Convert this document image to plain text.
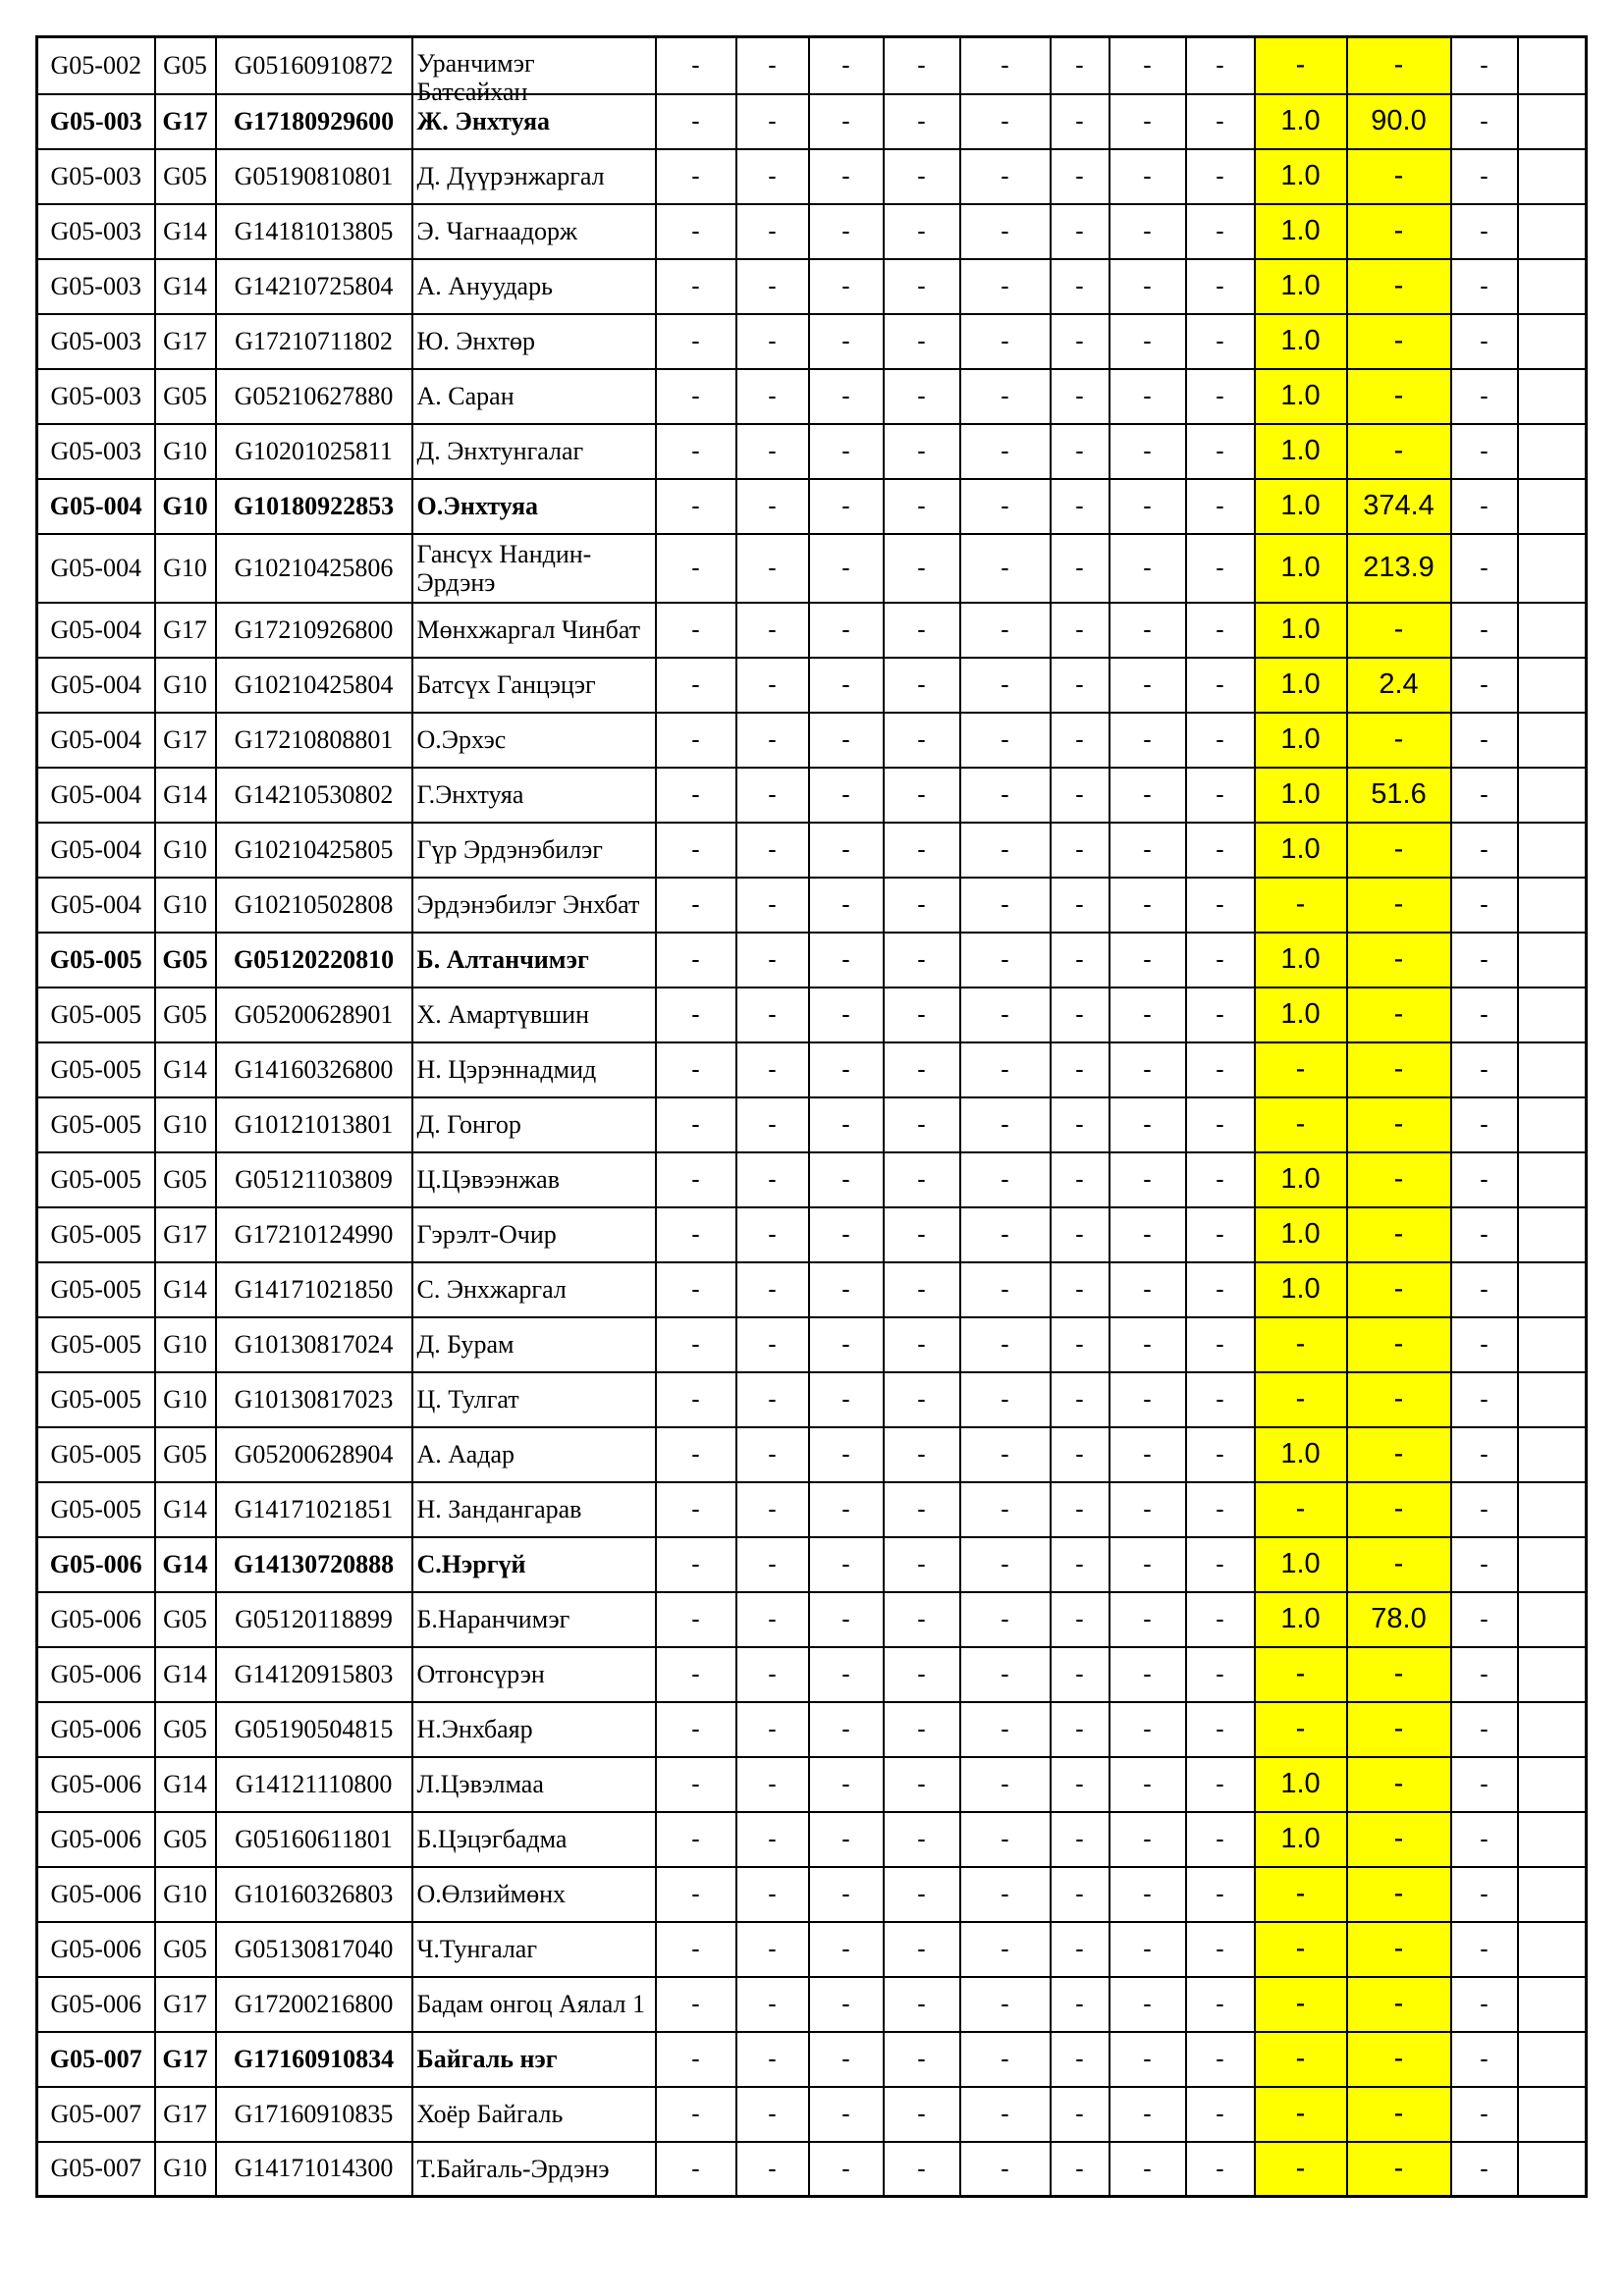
G05-002	G05	G05160910872	Уранчимэг Батсайхан	-	-	-	-	-	-	-	-	-	-	-	
G05-003	G17	G17180929600	Ж. Энхтуяа	-	-	-	-	-	-	-	-	1.0	90.0	-	
G05-003	G05	G05190810801	Д. Дүүрэнжаргал	-	-	-	-	-	-	-	-	1.0	-	-	
G05-003	G14	G14181013805	Э. Чагнаадорж	-	-	-	-	-	-	-	-	1.0	-	-	
G05-003	G14	G14210725804	А. Ануударь	-	-	-	-	-	-	-	-	1.0	-	-	
G05-003	G17	G17210711802	Ю. Энхтөр	-	-	-	-	-	-	-	-	1.0	-	-	
G05-003	G05	G05210627880	А. Саран	-	-	-	-	-	-	-	-	1.0	-	-	
G05-003	G10	G10201025811	Д. Энхтунгалаг	-	-	-	-	-	-	-	-	1.0	-	-	
G05-004	G10	G10180922853	О.Энхтуяа	-	-	-	-	-	-	-	-	1.0	374.4	-	
G05-004	G10	G10210425806	Гансүх Нандин-Эрдэнэ	-	-	-	-	-	-	-	-	1.0	213.9	-	
G05-004	G17	G17210926800	Мөнхжаргал Чинбат	-	-	-	-	-	-	-	-	1.0	-	-	
G05-004	G10	G10210425804	Батсүх Ганцэцэг	-	-	-	-	-	-	-	-	1.0	2.4	-	
G05-004	G17	G17210808801	О.Эрхэс	-	-	-	-	-	-	-	-	1.0	-	-	
G05-004	G14	G14210530802	Г.Энхтуяа	-	-	-	-	-	-	-	-	1.0	51.6	-	
G05-004	G10	G10210425805	Гүр Эрдэнэбилэг	-	-	-	-	-	-	-	-	1.0	-	-	
G05-004	G10	G10210502808	Эрдэнэбилэг Энхбат	-	-	-	-	-	-	-	-	-	-	-	
G05-005	G05	G05120220810	Б. Алтанчимэг	-	-	-	-	-	-	-	-	1.0	-	-	
G05-005	G05	G05200628901	Х. Амартүвшин	-	-	-	-	-	-	-	-	1.0	-	-	
G05-005	G14	G14160326800	Н. Цэрэннадмид	-	-	-	-	-	-	-	-	-	-	-	
G05-005	G10	G10121013801	Д. Гонгор	-	-	-	-	-	-	-	-	-	-	-	
G05-005	G05	G05121103809	Ц.Цэвээнжав	-	-	-	-	-	-	-	-	1.0	-	-	
G05-005	G17	G17210124990	Гэрэлт-Очир	-	-	-	-	-	-	-	-	1.0	-	-	
G05-005	G14	G14171021850	С. Энхжаргал	-	-	-	-	-	-	-	-	1.0	-	-	
G05-005	G10	G10130817024	Д. Бурам	-	-	-	-	-	-	-	-	-	-	-	
G05-005	G10	G10130817023	Ц. Тулгат	-	-	-	-	-	-	-	-	-	-	-	
G05-005	G05	G05200628904	А. Аадар	-	-	-	-	-	-	-	-	1.0	-	-	
G05-005	G14	G14171021851	Н. Зандангарав	-	-	-	-	-	-	-	-	-	-	-	
G05-006	G14	G14130720888	С.Нэргүй	-	-	-	-	-	-	-	-	1.0	-	-	
G05-006	G05	G05120118899	Б.Наранчимэг	-	-	-	-	-	-	-	-	1.0	78.0	-	
G05-006	G14	G14120915803	Отгонсүрэн	-	-	-	-	-	-	-	-	-	-	-	
G05-006	G05	G05190504815	Н.Энхбаяр	-	-	-	-	-	-	-	-	-	-	-	
G05-006	G14	G14121110800	Л.Цэвэлмаа	-	-	-	-	-	-	-	-	1.0	-	-	
G05-006	G05	G05160611801	Б.Цэцэгбадма	-	-	-	-	-	-	-	-	1.0	-	-	
G05-006	G10	G10160326803	О.Өлзиймөнх	-	-	-	-	-	-	-	-	-	-	-	
G05-006	G05	G05130817040	Ч.Тунгалаг	-	-	-	-	-	-	-	-	-	-	-	
G05-006	G17	G17200216800	Бадам онгоц Аялал 1	-	-	-	-	-	-	-	-	-	-	-	
G05-007	G17	G17160910834	Байгаль нэг	-	-	-	-	-	-	-	-	-	-	-	
G05-007	G17	G17160910835	Хоёр Байгаль	-	-	-	-	-	-	-	-	-	-	-	
G05-007	G10	G14171014300	Т.Байгаль-Эрдэнэ	-	-	-	-	-	-	-	-	-	-	-	
